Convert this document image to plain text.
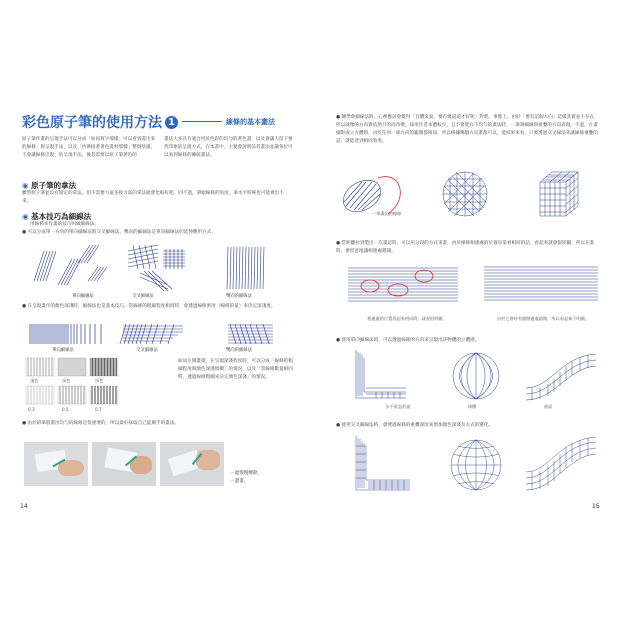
彩色原子筆的使用方法 1	$^{線條的基本畫法}$
原子筆作畫的呈現手法可以分成「如同寫字那樣」可以看到書出來的線條」與呈現手法，以及「彷彿接著著色書材那樣」整個塗滿，不會讓線條出現」的呈現手法，後者需要以原子筆著色的
畫法大多具有適合用於色彩的均勻的著色畫，以及會讓人留下強烈印象的呈現方式。在本書中，主要會說明前者畫法並讓各位可以看到線條的傳統畫法。
◉ 原子筆的拿法
雖然原子筆並沒有固定的拿法，但不需要力道多接力氣的拿法就會比較好吧。同不過，筆頭線條的角度，筆水平時候也可能會出不來。
◉ 基本技巧為細線法
用線條來作畫的技巧叫做細線法。
● 可以分成單一方向的單向細線法與交叉細線法。雙向的細線法是單向細線法的延伸應用方式。
單向細線法	交叉細線法	雙向的細線法
● 在呈現畫作的顏色深淺時，細線法也是基本技巧。當線條的粗細程度相同時，會透過線條密度（線條的量）來決定深淺度。
單向細線法	交叉細線法	雙向的細線法
淺色	深色	黑色
0.3	0.5	0.7
如同左側畫樣，在呈現深淺程度時，可以分成「線條的粗細程度與顏色深淺無關」的情況，以及「當線條數量相同時，透過線條粗細來決定顏色深淺」的情況。
● 由於鉛筆般畫出均勻的線條是很重要的，所以最好採取自己能順手的畫法。
一邊慢慢轉動，
一邊畫。
14
● 剛學會細線法時，心裡應該會覺得「且體來說，要有幾道道才好呢」對吧。事實上，由於「要有這個方向」這樣其實並不存在，所以就像的方向會依照目的而改變，採用作者本體較少，且不會使有不均勻的畫法時，一筆筆細線與重疊的方向表現。不過，在畫細影或立方體時，由於任何一條方向的範圍都相同，所以根據哪個方向畫都可以，能結果來看，只要透過交叉線法來讓線條重疊的話，就能達到相同效果。
一筆畫出的線條
● 當距離拉到製出一次畫這時，可以用分段的方式來畫，由於線條相連處的位置每第看相同的話，看起來就會很明顯，所以在畫時，要留意地讓相連處錯開。
相連處的位置看起來相同時，就會很明顯。	由於它會時有錯開連處錯開，所以看起來不明顯。
● 使用單向細線法時，可以透過線條的方向來呈現出該物體的立體感。
水平垂直的面	球體	曲面
● 使用交叉細線法時，會透過線條的重疊深度來增加顏色深淺及方式的變化。
15
